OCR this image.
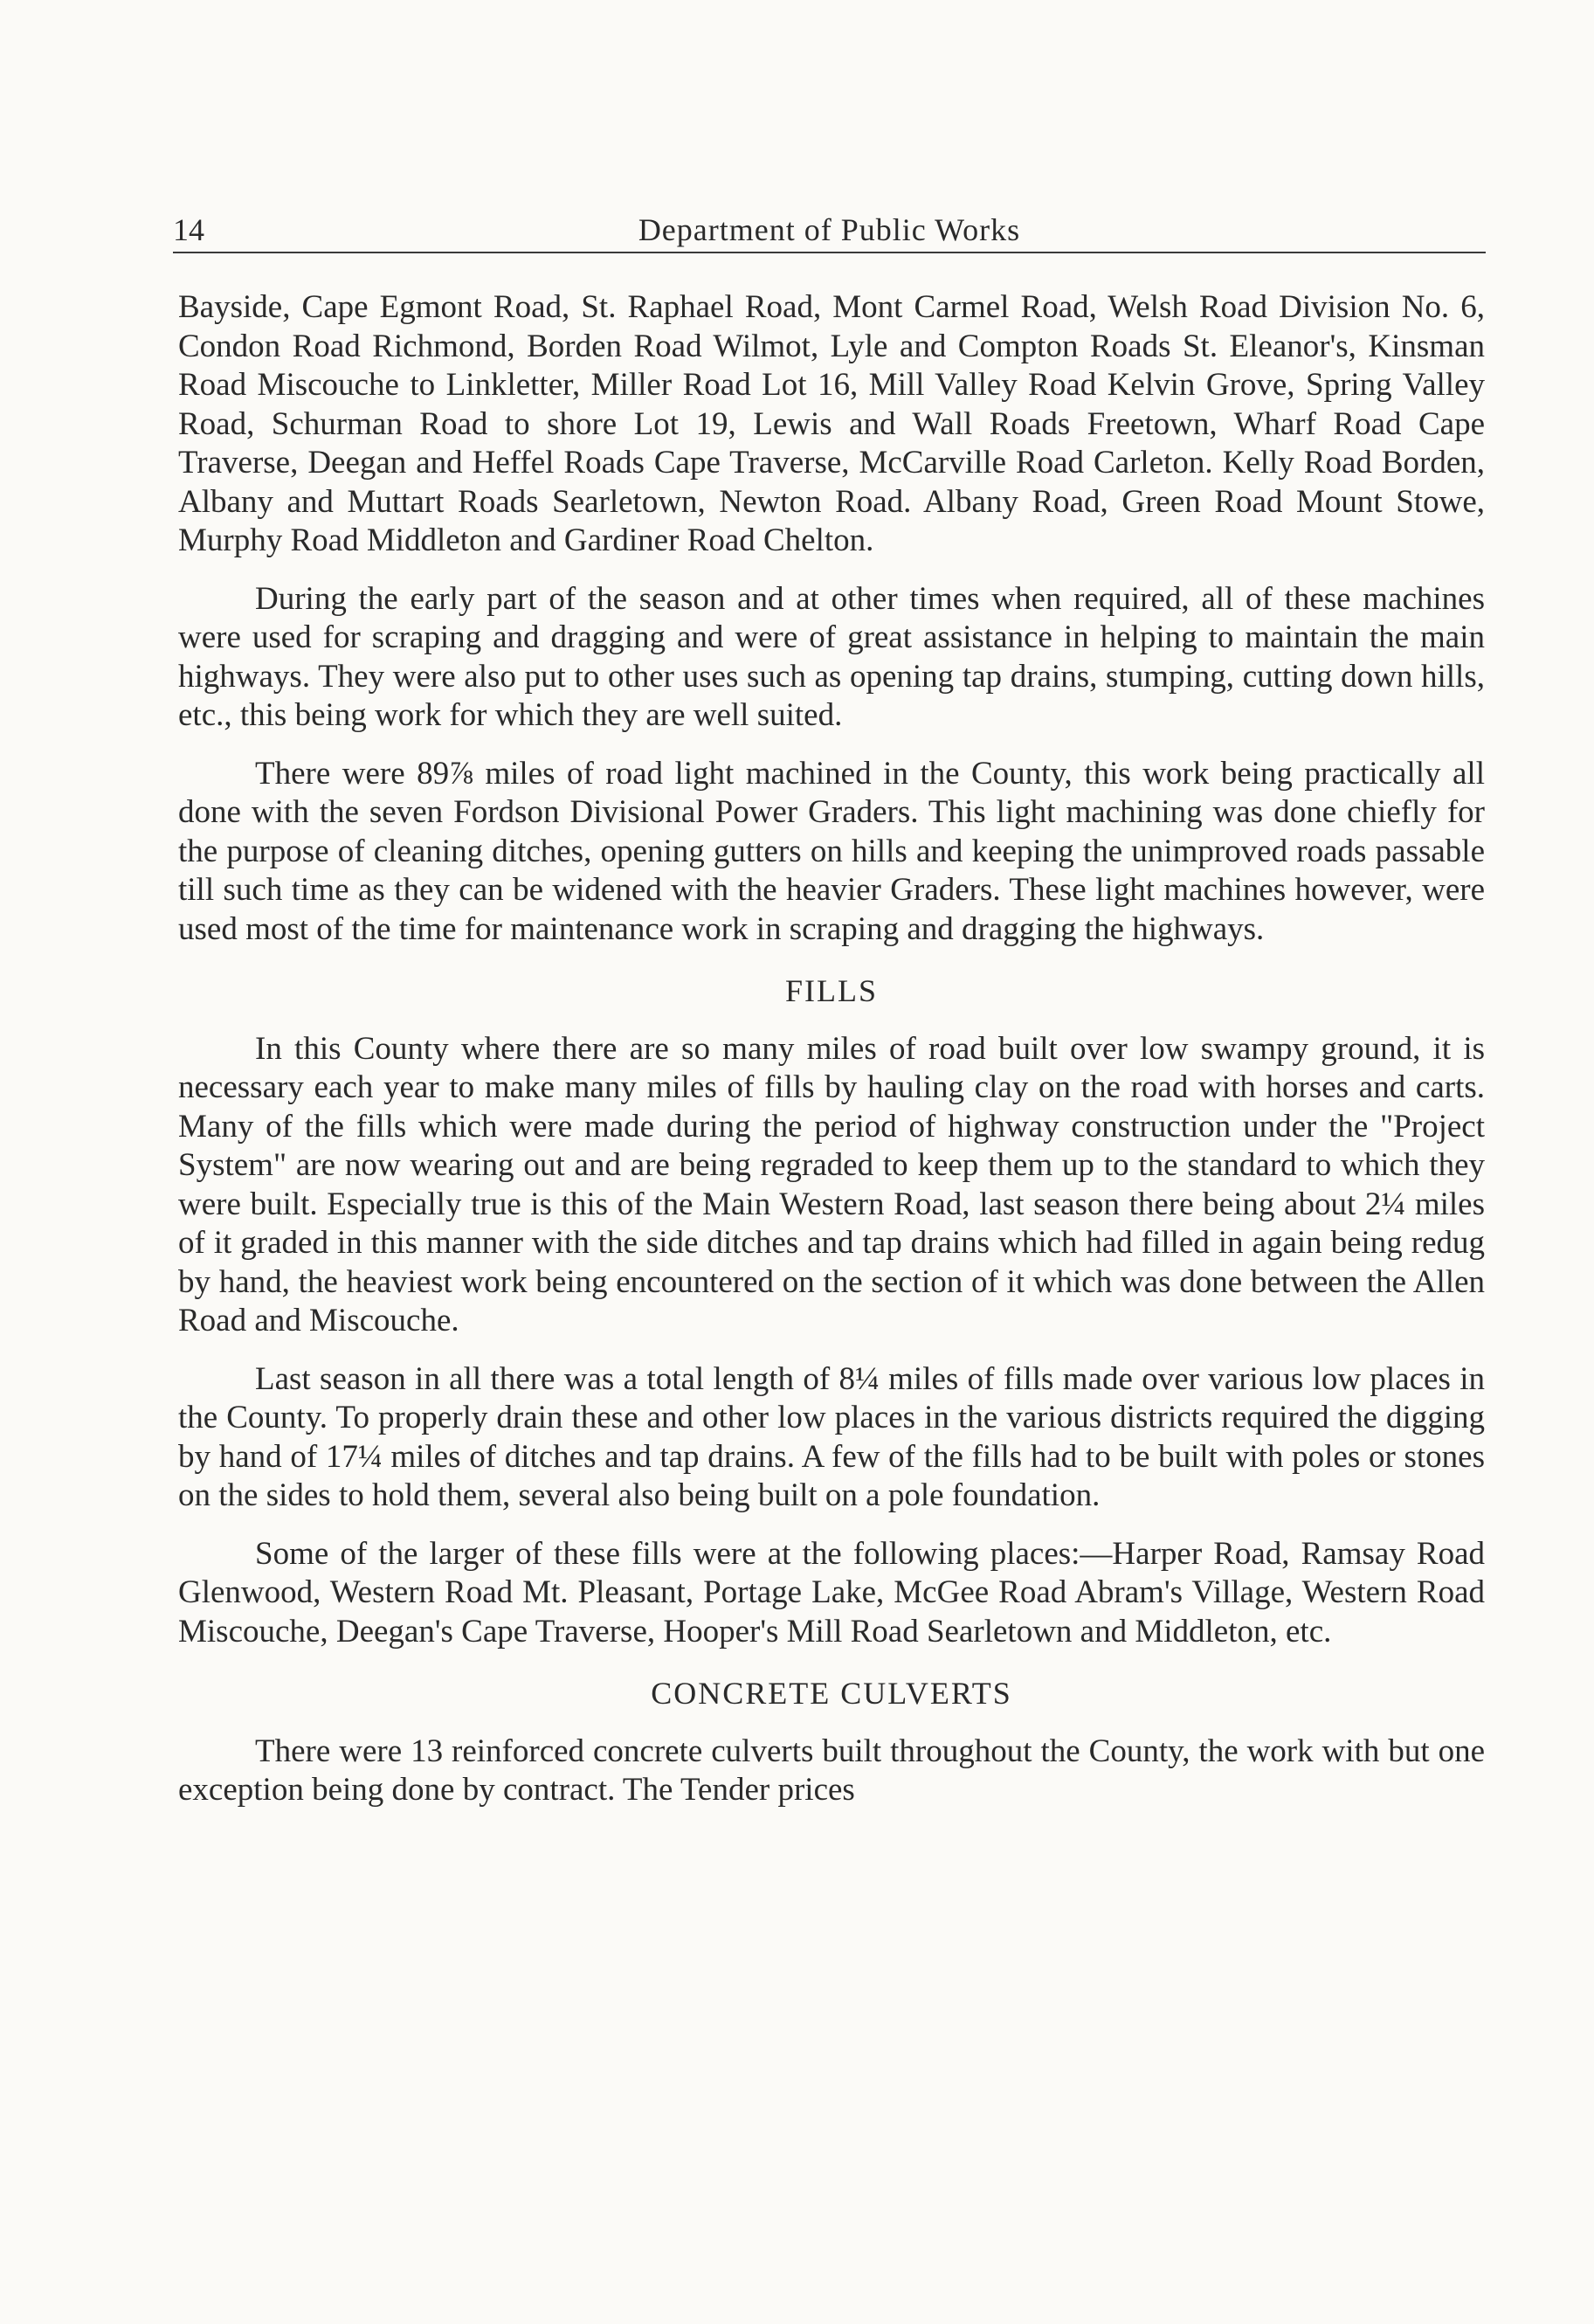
14	Department of Public Works

Bayside, Cape Egmont Road, St. Raphael Road, Mont Carmel Road, Welsh Road Division No. 6, Condon Road Richmond, Borden Road Wilmot, Lyle and Compton Roads St. Eleanor's, Kinsman Road Miscouche to Linkletter, Miller Road Lot 16, Mill Valley Road Kelvin Grove, Spring Valley Road, Schurman Road to shore Lot 19, Lewis and Wall Roads Freetown, Wharf Road Cape Traverse, Deegan and Heffel Roads Cape Traverse, McCarville Road Carleton. Kelly Road Borden, Albany and Muttart Roads Searletown, Newton Road. Albany Road, Green Road Mount Stowe, Murphy Road Middleton and Gardiner Road Chelton.

During the early part of the season and at other times when required, all of these machines were used for scraping and dragging and were of great assistance in helping to maintain the main highways. They were also put to other uses such as opening tap drains, stumping, cutting down hills, etc., this being work for which they are well suited.

There were 89⅞ miles of road light machined in the County, this work being practically all done with the seven Fordson Divisional Power Graders. This light machining was done chiefly for the purpose of cleaning ditches, opening gutters on hills and keeping the unimproved roads passable till such time as they can be widened with the heavier Graders. These light machines however, were used most of the time for maintenance work in scraping and dragging the highways.

FILLS

In this County where there are so many miles of road built over low swampy ground, it is necessary each year to make many miles of fills by hauling clay on the road with horses and carts. Many of the fills which were made during the period of highway construction under the "Project System" are now wearing out and are being regraded to keep them up to the standard to which they were built. Especially true is this of the Main Western Road, last season there being about 2¼ miles of it graded in this manner with the side ditches and tap drains which had filled in again being redug by hand, the heaviest work being encountered on the section of it which was done between the Allen Road and Miscouche.

Last season in all there was a total length of 8¼ miles of fills made over various low places in the County. To properly drain these and other low places in the various districts required the digging by hand of 17¼ miles of ditches and tap drains. A few of the fills had to be built with poles or stones on the sides to hold them, several also being built on a pole foundation.

Some of the larger of these fills were at the following places:—Harper Road, Ramsay Road Glenwood, Western Road Mt. Pleasant, Portage Lake, McGee Road Abram's Village, Western Road Miscouche, Deegan's Cape Traverse, Hooper's Mill Road Searletown and Middleton, etc.

CONCRETE CULVERTS

There were 13 reinforced concrete culverts built throughout the County, the work with but one exception being done by contract. The Tender prices
